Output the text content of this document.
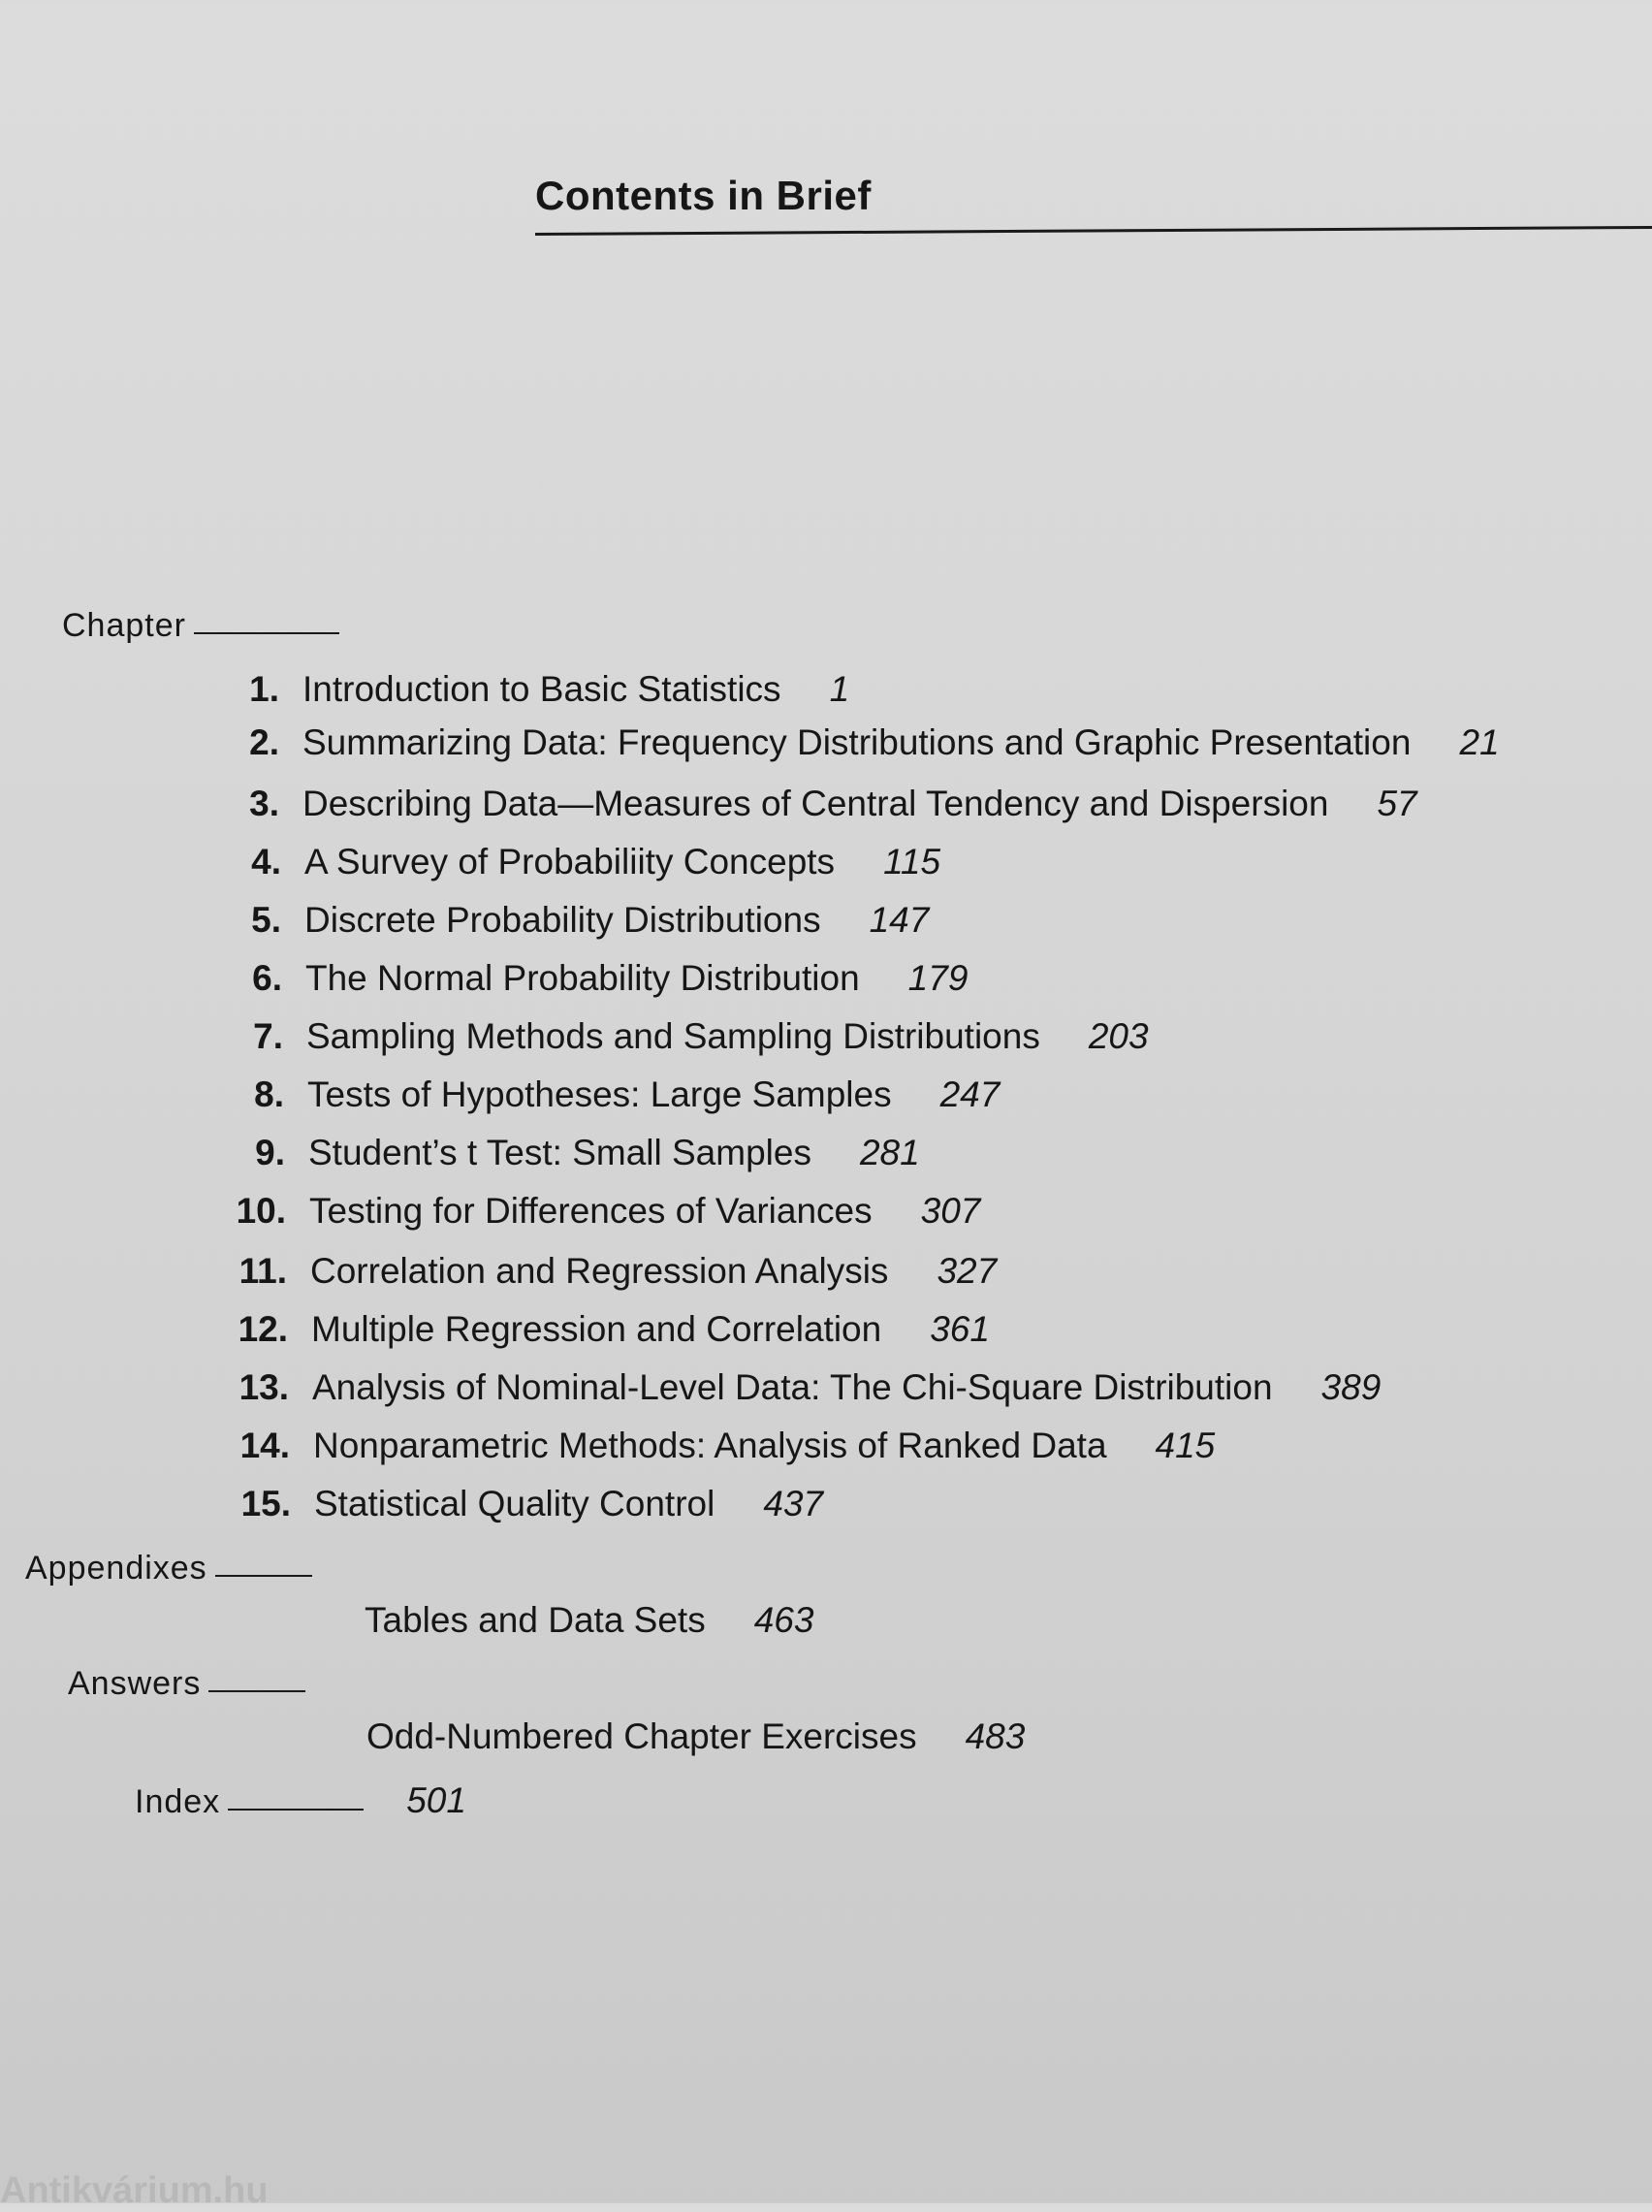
Contents in Brief
Chapter
1. Introduction to Basic Statistics 1
2. Summarizing Data: Frequency Distributions and Graphic Presentation 21
3. Describing Data—Measures of Central Tendency and Dispersion 57
4. A Survey of Probabiliity Concepts 115
5. Discrete Probability Distributions 147
6. The Normal Probability Distribution 179
7. Sampling Methods and Sampling Distributions 203
8. Tests of Hypotheses: Large Samples 247
9. Student’s t Test: Small Samples 281
10. Testing for Differences of Variances 307
11. Correlation and Regression Analysis 327
12. Multiple Regression and Correlation 361
13. Analysis of Nominal-Level Data: The Chi-Square Distribution 389
14. Nonparametric Methods: Analysis of Ranked Data 415
15. Statistical Quality Control 437
Appendixes
Tables and Data Sets 463
Answers
Odd-Numbered Chapter Exercises 483
Index	501
Antikvárium.hu
